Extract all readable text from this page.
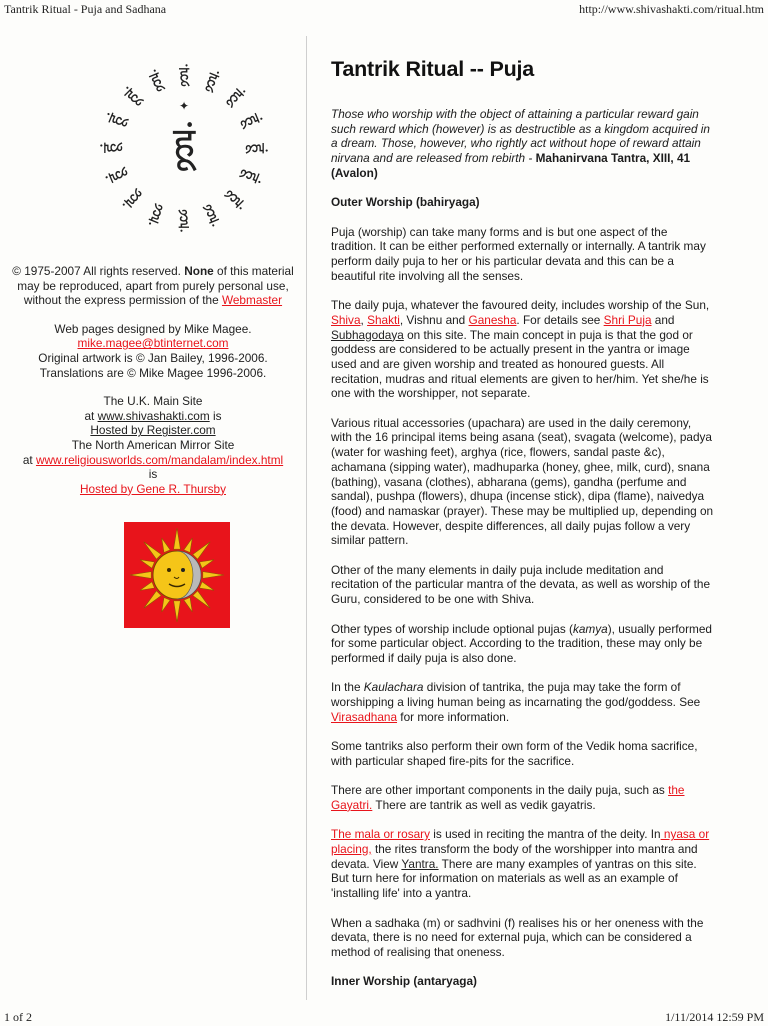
Tantrik Ritual - Puja and Sadhana	http://www.shivashakti.com/ritual.htm
हूं हूं
हूं
हूं
हूं
हूं
हूं
हूं
हूं
हूं
हूं
हूं
हूं
हूं
हूं
हूं
हूं
✦

© 1975-2007 All rights reserved. None of this material may be reproduced, apart from purely personal use, without the express permission of the Webmaster

Web pages designed by Mike Magee.
mike.magee@btinternet.com
Original artwork is © Jan Bailey, 1996-2006.
Translations are © Mike Magee 1996-2006.

The U.K. Main Site
at www.shivashakti.com is
Hosted by Register.com
The North American Mirror Site
at www.religiousworlds.com/mandalam/index.html
is
Hosted by Gene R. Thursby

Tantrik Ritual -- Puja

Those who worship with the object of attaining a particular reward gain such reward which (however) is as destructible as a kingdom acquired in a dream. Those, however, who rightly act without hope of reward attain nirvana and are released from rebirth - Mahanirvana Tantra, XIII, 41 (Avalon)

Outer Worship (bahiryaga)

Puja (worship) can take many forms and is but one aspect of the tradition. It can be either performed externally or internally. A tantrik may perform daily puja to her or his particular devata and this can be a beautiful rite involving all the senses.

The daily puja, whatever the favoured deity, includes worship of the Sun, Shiva, Shakti, Vishnu and Ganesha. For details see Shri Puja and Subhagodaya on this site. The main concept in puja is that the god or goddess are considered to be actually present in the yantra or image used and are given worship and treated as honoured guests. All recitation, mudras and ritual elements are given to her/him. Yet she/he is one with the worshipper, not separate.

Various ritual accessories (upachara) are used in the daily ceremony, with the 16 principal items being asana (seat), svagata (welcome), padya (water for washing feet), arghya (rice, flowers, sandal paste &c), achamana (sipping water), madhuparka (honey, ghee, milk, curd), snana (bathing), vasana (clothes), abharana (gems), gandha (perfume and sandal), pushpa (flowers), dhupa (incense stick), dipa (flame), naivedya (food) and namaskar (prayer). These may be multiplied up, depending on the devata. However, despite differences, all daily pujas follow a very similar pattern.

Other of the many elements in daily puja include meditation and recitation of the particular mantra of the devata, as well as worship of the Guru, considered to be one with Shiva.

Other types of worship include optional pujas (kamya), usually performed for some particular object. According to the tradition, these may only be performed if daily puja is also done.

In the Kaulachara division of tantrika, the puja may take the form of worshipping a living human being as incarnating the god/goddess. See Virasadhana for more information.

Some tantriks also perform their own form of the Vedik homa sacrifice, with particular shaped fire-pits for the sacrifice.

There are other important components in the daily puja, such as the Gayatri. There are tantrik as well as vedik gayatris.

The mala or rosary is used in reciting the mantra of the deity. In nyasa or placing, the rites transform the body of the worshipper into mantra and devata. View Yantra. There are many examples of yantras on this site. But turn here for information on materials as well as an example of 'installing life' into a yantra.

When a sadhaka (m) or sadhvini (f) realises his or her oneness with the devata, there is no need for external puja, which can be considered a method of realising that oneness.

Inner Worship (antaryaga)

1 of 2	1/11/2014 12:59 PM
